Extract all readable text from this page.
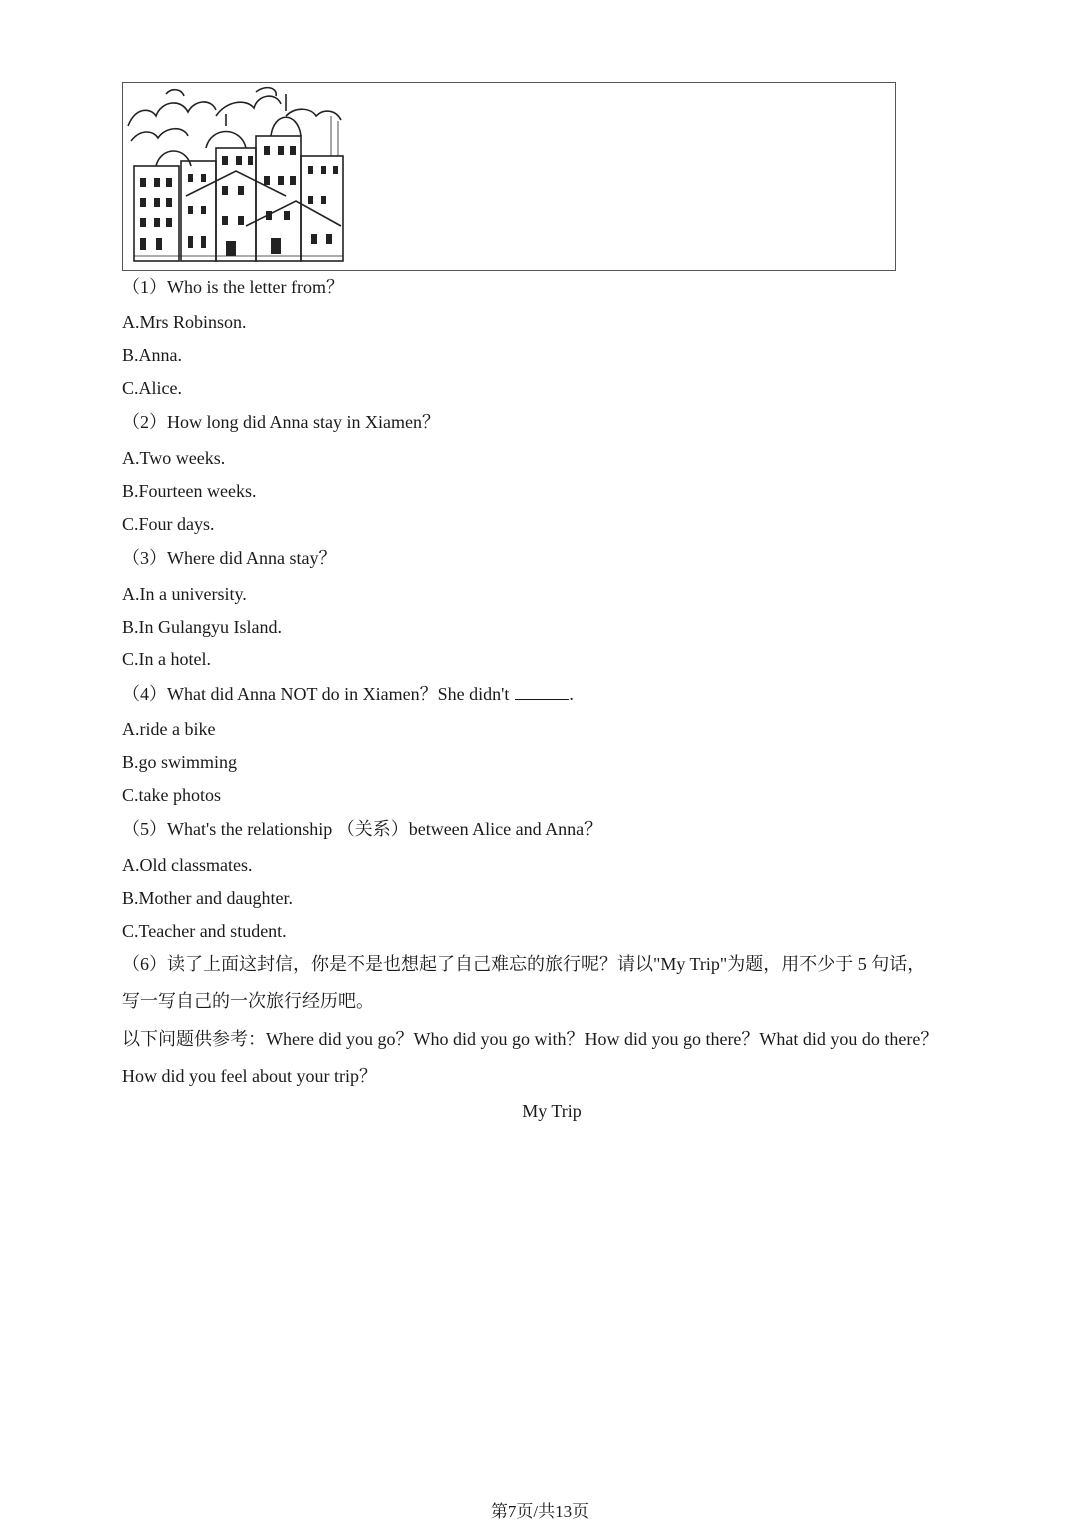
（1）Who is the letter from？
A.Mrs Robinson.
B.Anna.
C.Alice.
（2）How long did Anna stay in Xiamen？
A.Two weeks.
B.Fourteen weeks.
C.Four days.
（3）Where did Anna stay？
A.In a university.
B.In Gulangyu Island.
C.In a hotel.
（4）What did Anna NOT do in Xiamen？She didn't	.
A.ride a bike
B.go swimming
C.take photos
（5）What's the relationship （关系）between Alice and Anna？
A.Old classmates.
B.Mother and daughter.
C.Teacher and student.
（6）读了上面这封信，你是不是也想起了自己难忘的旅行呢？请以"My Trip"为题，用不少于 5 句话，
写一写自己的一次旅行经历吧。
以下问题供参考：Where did you go？Who did you go with？How did you go there？What did you do there？
How did you feel about your trip？
My Trip
第7页/共13页
